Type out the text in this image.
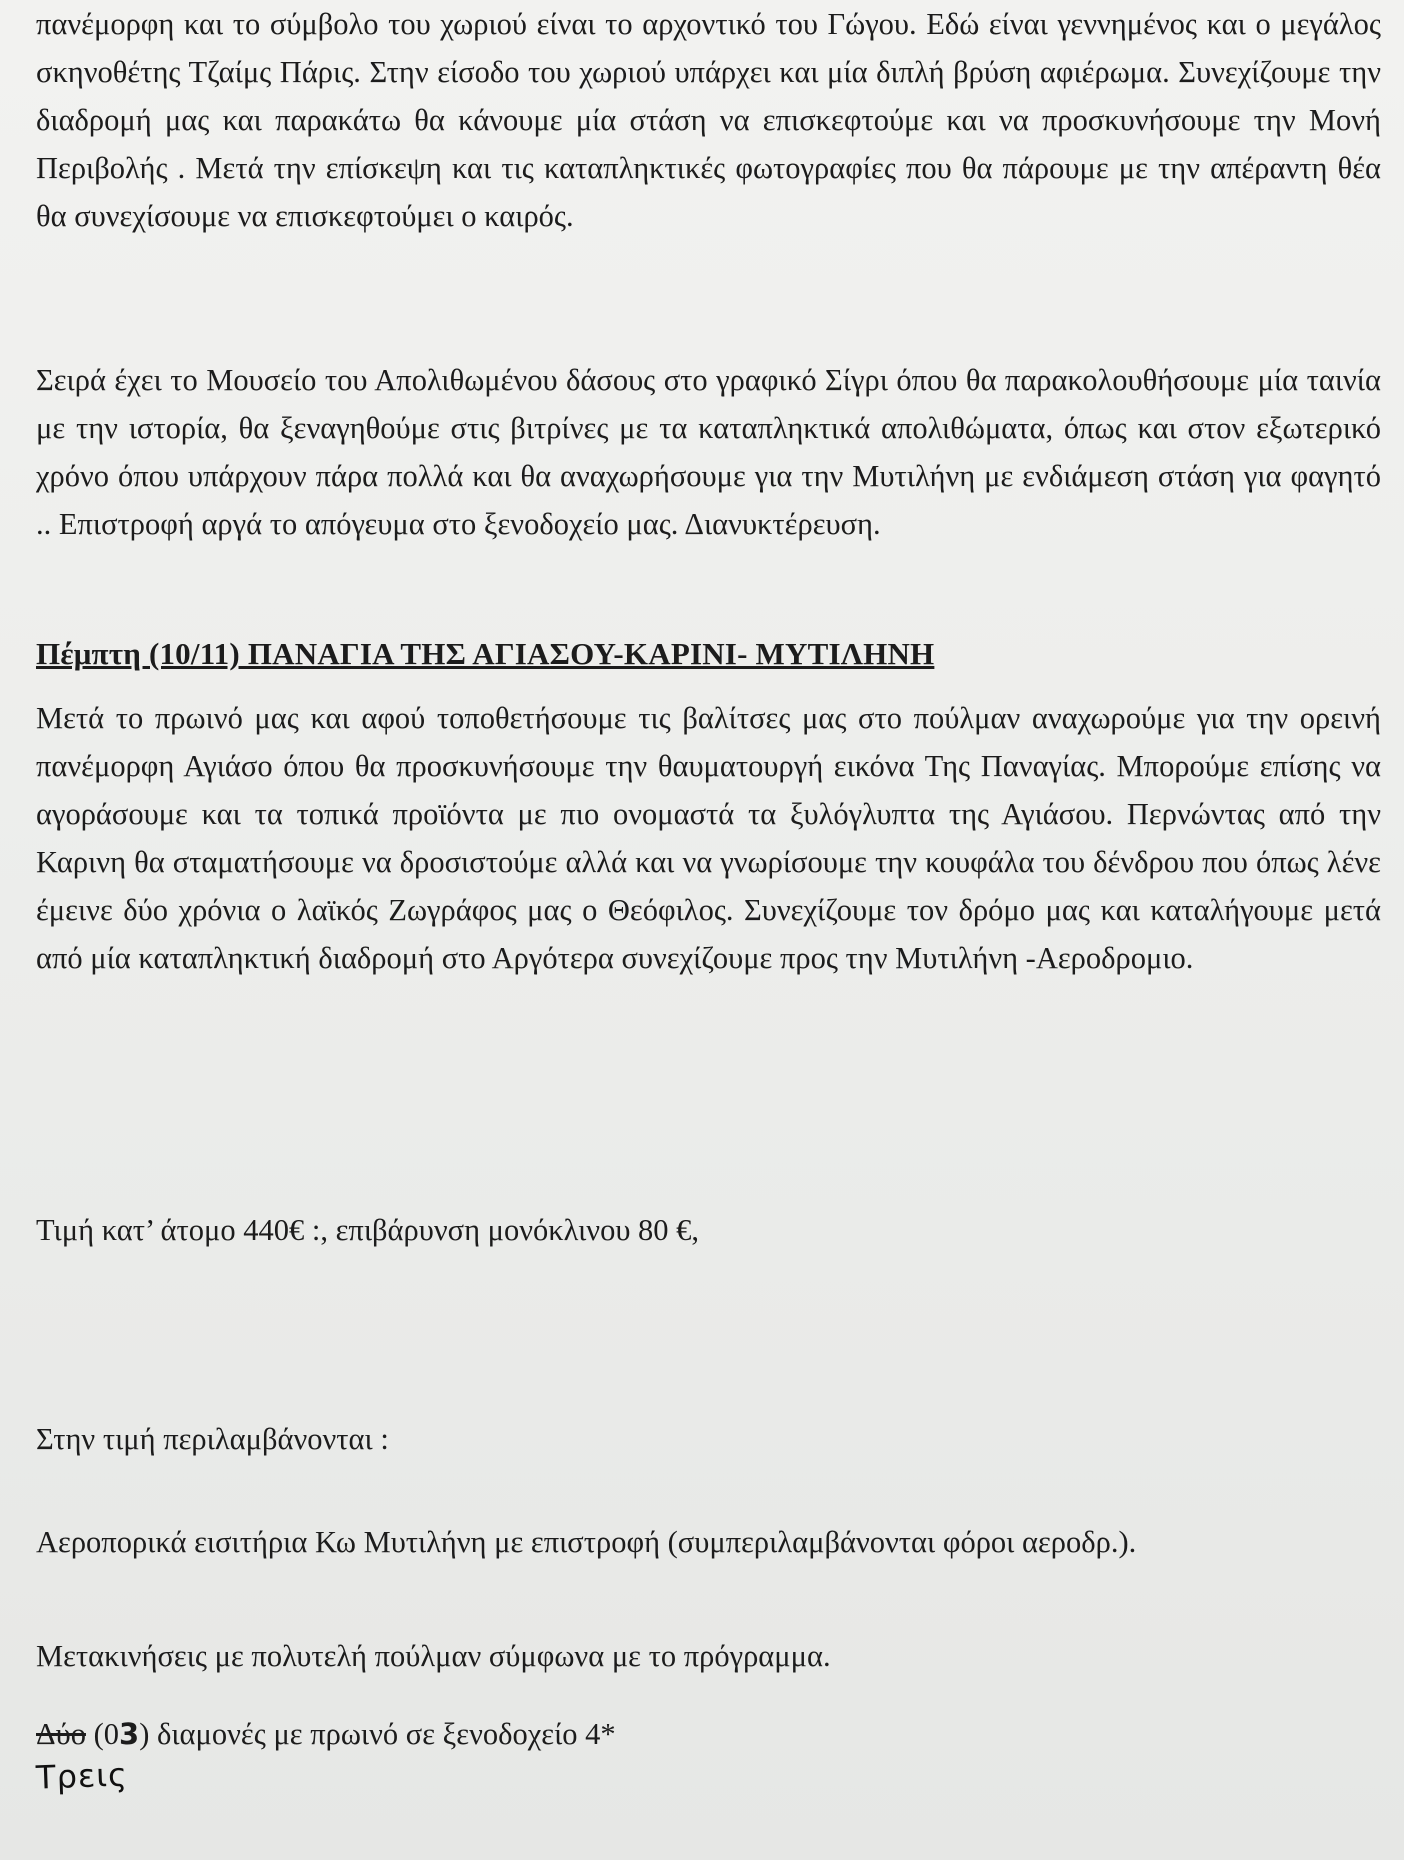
πανέμορφη και το σύμβολο του χωριού είναι το αρχοντικό του Γώγου. Εδώ είναι γεννημένος και ο μεγάλος σκηνοθέτης Τζαίμς Πάρις. Στην είσοδο του χωριού υπάρχει και μία διπλή βρύση αφιέρωμα. Συνεχίζουμε την διαδρομή μας και παρακάτω θα κάνουμε μία στάση να επισκεφτούμε και να προσκυνήσουμε την Μονή Περιβολής . Μετά την επίσκεψη και τις καταπληκτικές φωτογραφίες που θα πάρουμε με την απέραντη θέα θα συνεχίσουμε να επισκεφτούμει ο καιρός.

Σειρά έχει το Μουσείο του Απολιθωμένου δάσους στο γραφικό Σίγρι όπου θα παρακολουθήσουμε μία ταινία με την ιστορία, θα ξεναγηθούμε στις βιτρίνες με τα καταπληκτικά απολιθώματα, όπως και στον εξωτερικό χρόνο όπου υπάρχουν πάρα πολλά και θα αναχωρήσουμε για την Μυτιλήνη με ενδιάμεση στάση για φαγητό .. Επιστροφή αργά το απόγευμα στο ξενοδοχείο μας. Διανυκτέρευση.

Πέμπτη (10/11) ΠΑΝΑΓΙΑ ΤΗΣ ΑΓΙΑΣΟΥ-ΚΑΡΙΝΙ- ΜΥΤΙΛΗΝΗ

Μετά το πρωινό μας και αφού τοποθετήσουμε τις βαλίτσες μας στο πούλμαν αναχωρούμε για την ορεινή πανέμορφη Αγιάσο όπου θα προσκυνήσουμε την θαυματουργή εικόνα Της Παναγίας. Μπορούμε επίσης να αγοράσουμε και τα τοπικά προϊόντα με πιο ονομαστά τα ξυλόγλυπτα της Αγιάσου. Περνώντας από την Καρινη θα σταματήσουμε να δροσιστούμε αλλά και να γνωρίσουμε την κουφάλα του δένδρου που όπως λένε έμεινε δύο χρόνια ο λαϊκός Ζωγράφος μας ο Θεόφιλος. Συνεχίζουμε τον δρόμο μας και καταλήγουμε μετά από μία καταπληκτική διαδρομή στο Αργότερα συνεχίζουμε προς την Μυτιλήνη -Αεροδρομιο.

Τιμή κατ’ άτομο 440€ :, επιβάρυνση μονόκλινου 80 €,

Στην τιμή περιλαμβάνονται :

Αεροπορικά εισιτήρια Κω Μυτιλήνη με επιστροφή (συμπεριλαμβάνονται φόροι αεροδρ.).

Μετακινήσεις με πολυτελή πούλμαν σύμφωνα με το πρόγραμμα.

Δύο (03) διαμονές με πρωινό σε ξενοδοχείο 4*

Τρεις
